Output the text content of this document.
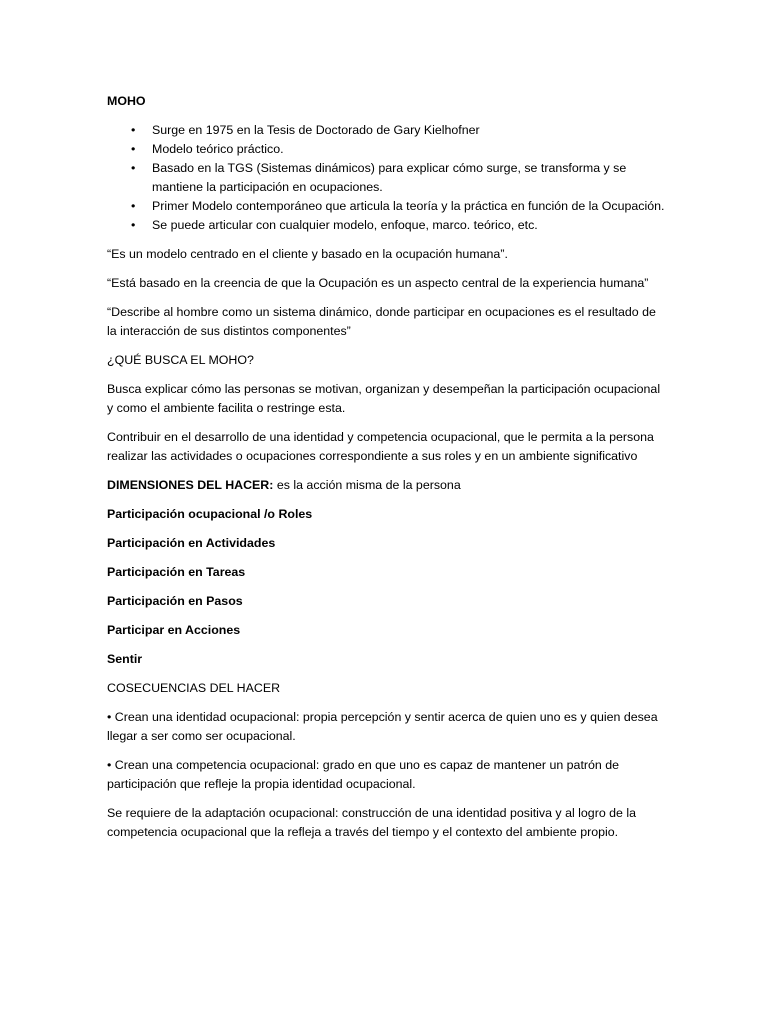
MOHO

• Surge en 1975 en la Tesis de Doctorado de Gary Kielhofner
• Modelo teórico práctico.
• Basado en la TGS (Sistemas dinámicos) para explicar cómo surge, se transforma y se mantiene la participación en ocupaciones.
• Primer Modelo contemporáneo que articula la teoría y la práctica en función de la Ocupación.
• Se puede articular con cualquier modelo, enfoque, marco. teórico, etc.

“Es un modelo centrado en el cliente y basado en la ocupación humana”.

“Está basado en la creencia de que la Ocupación es un aspecto central de la experiencia humana”

“Describe al hombre como un sistema dinámico, donde participar en ocupaciones es el resultado de la interacción de sus distintos componentes”

¿QUÉ BUSCA EL MOHO?

Busca explicar cómo las personas se motivan, organizan y desempeñan la participación ocupacional y como el ambiente facilita o restringe esta.

Contribuir en el desarrollo de una identidad y competencia ocupacional, que le permita a la persona realizar las actividades o ocupaciones correspondiente a sus roles y en un ambiente significativo

DIMENSIONES DEL HACER: es la acción misma de la persona

Participación ocupacional /o Roles

Participación en Actividades

Participación en Tareas

Participación en Pasos

Participar en Acciones

Sentir

COSECUENCIAS DEL HACER

• Crean una identidad ocupacional: propia percepción y sentir acerca de quien uno es y quien desea llegar a ser como ser ocupacional.

• Crean una competencia ocupacional: grado en que uno es capaz de mantener un patrón de participación que refleje la propia identidad ocupacional.

Se requiere de la adaptación ocupacional: construcción de una identidad positiva y al logro de la competencia ocupacional que la refleja a través del tiempo y el contexto del ambiente propio.
